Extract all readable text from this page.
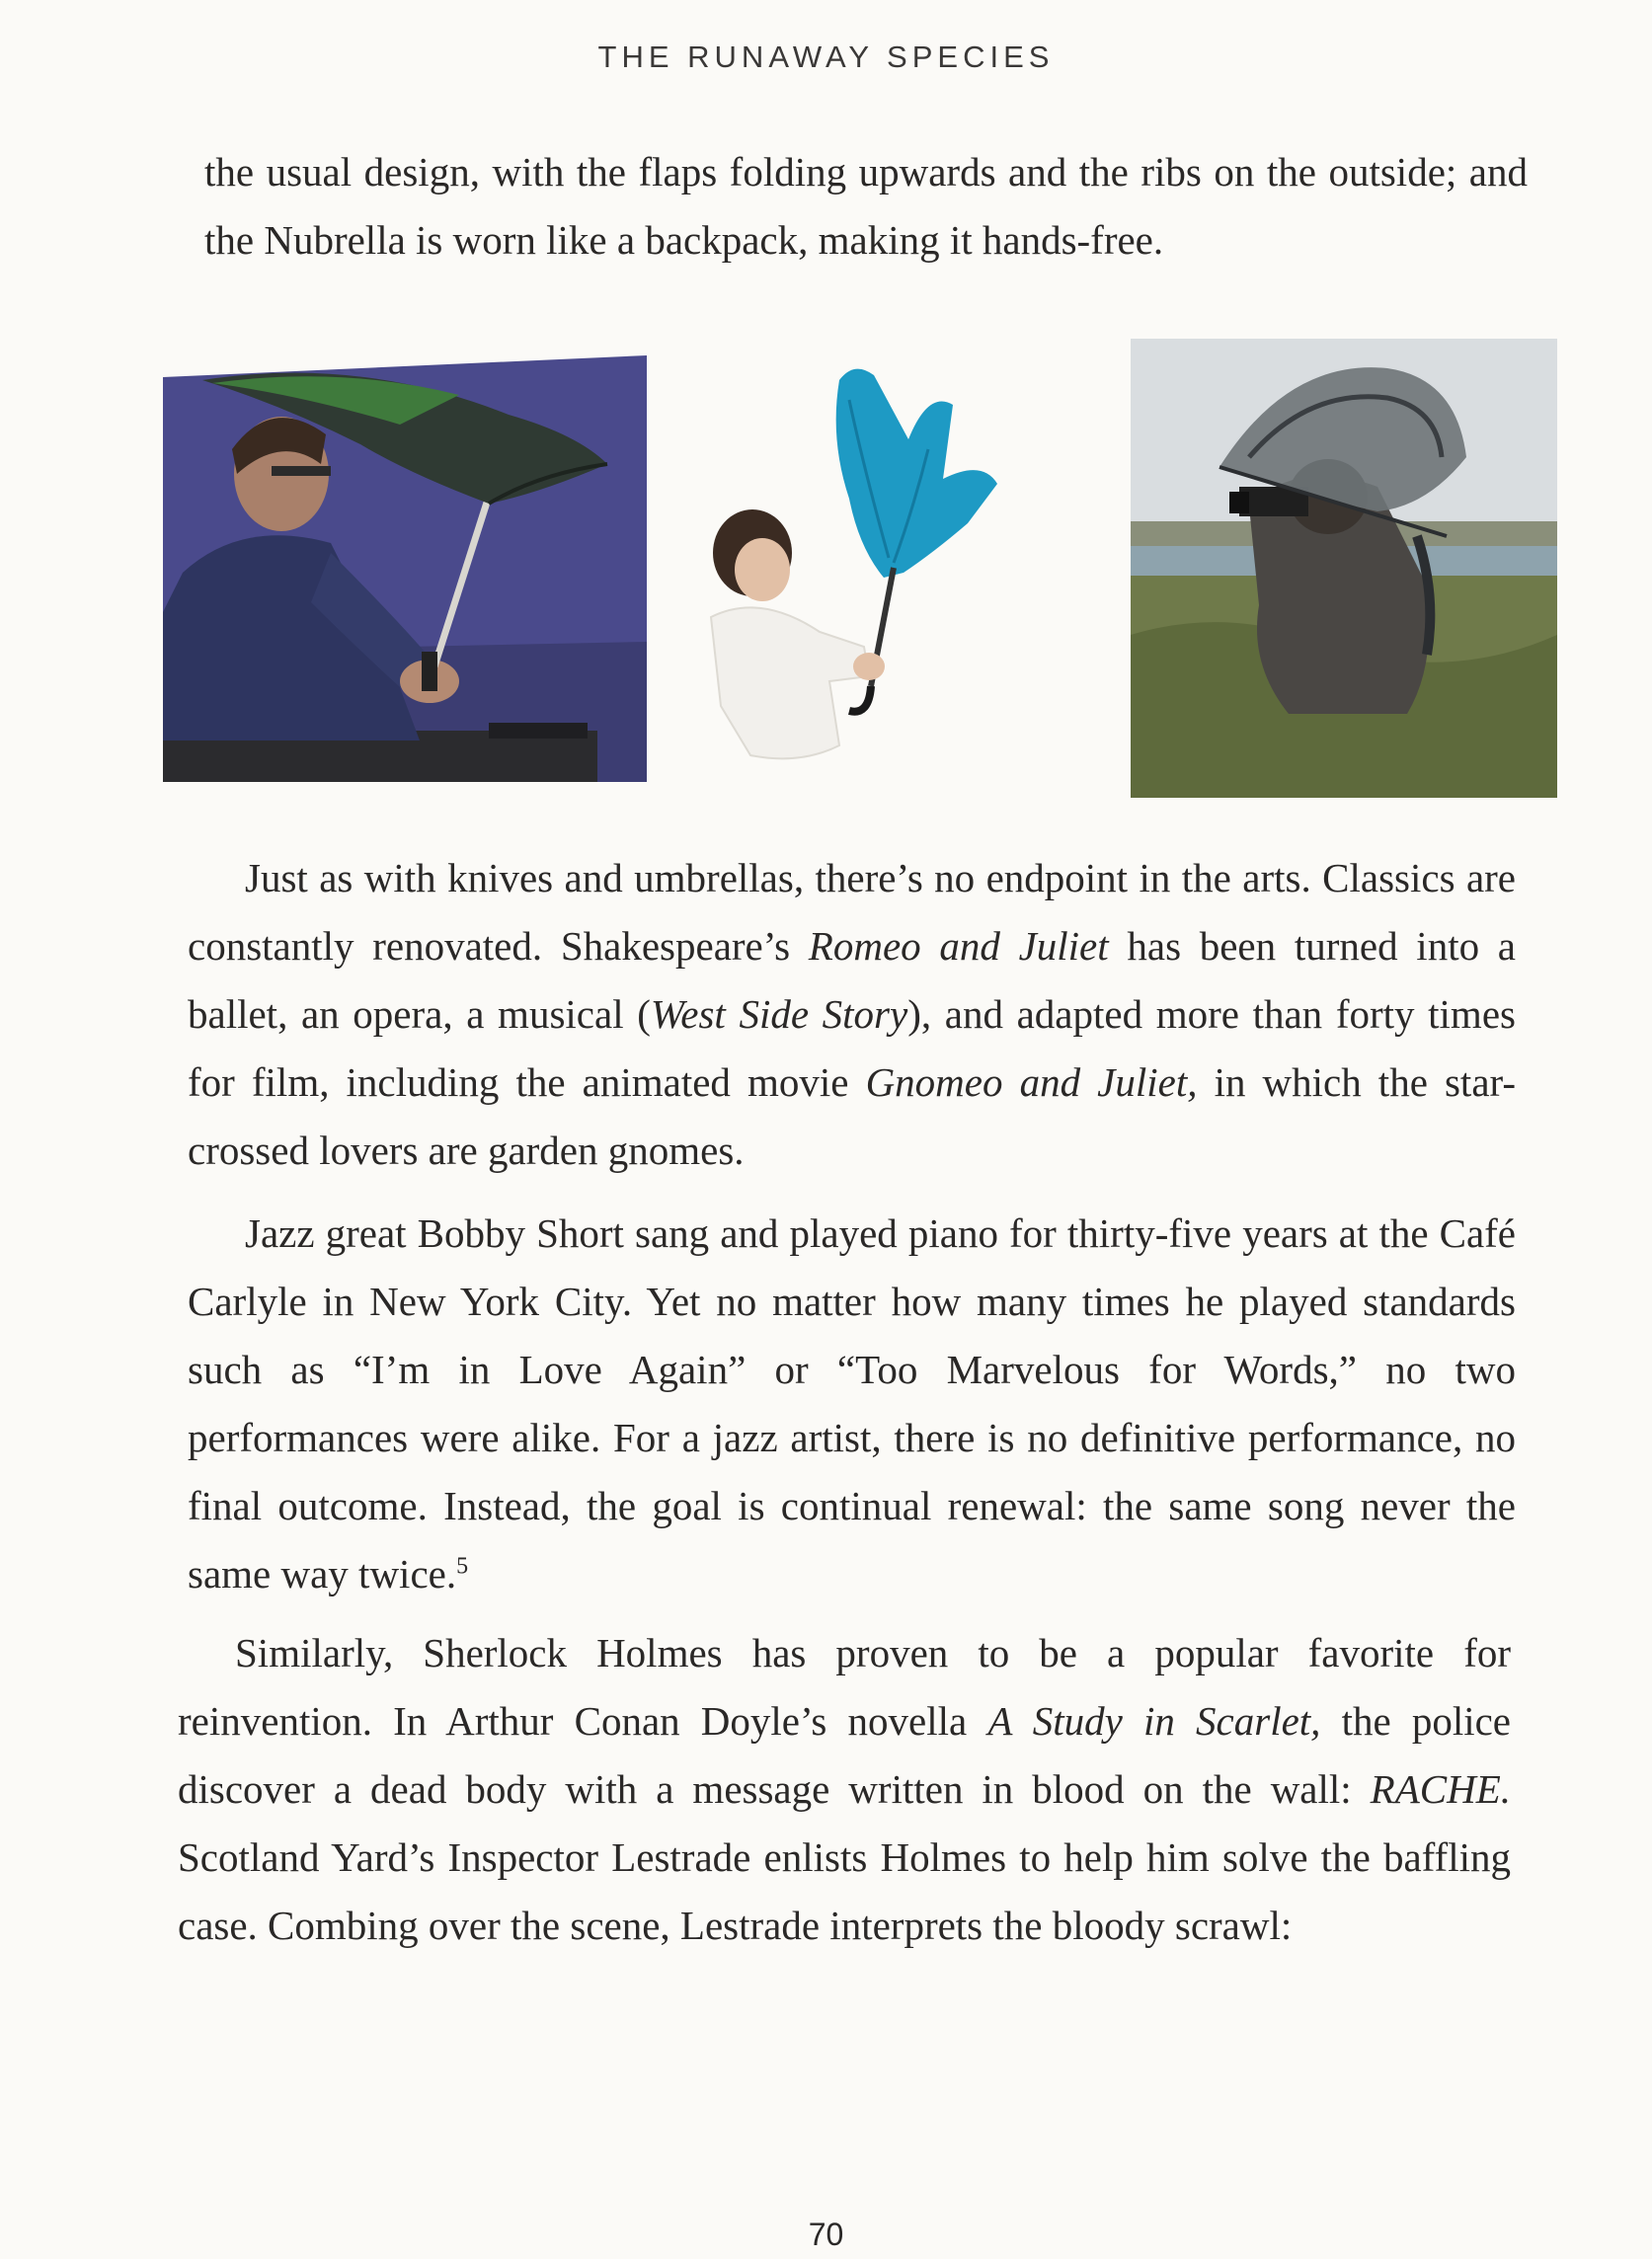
THE RUNAWAY SPECIES

the usual design, with the flaps folding upwards and the ribs on the outside; and the Nubrella is worn like a backpack, making it hands-free.

Just as with knives and umbrellas, there’s no endpoint in the arts. Classics are constantly renovated. Shakespeare’s Romeo and Juliet has been turned into a ballet, an opera, a musical (West Side Story), and adapted more than forty times for film, including the animated movie Gnomeo and Juliet, in which the star-crossed lovers are garden gnomes.

Jazz great Bobby Short sang and played piano for thirty-five years at the Café Carlyle in New York City. Yet no matter how many times he played standards such as “I’m in Love Again” or “Too Marvelous for Words,” no two performances were alike. For a jazz artist, there is no definitive performance, no final outcome. Instead, the goal is continual renewal: the same song never the same way twice.$^5$

Similarly, Sherlock Holmes has proven to be a popular favorite for reinvention. In Arthur Conan Doyle’s novella A Study in Scarlet, the police discover a dead body with a message written in blood on the wall: RACHE. Scotland Yard’s Inspector Lestrade enlists Holmes to help him solve the baffling case. Combing over the scene, Lestrade interprets the bloody scrawl:

70
